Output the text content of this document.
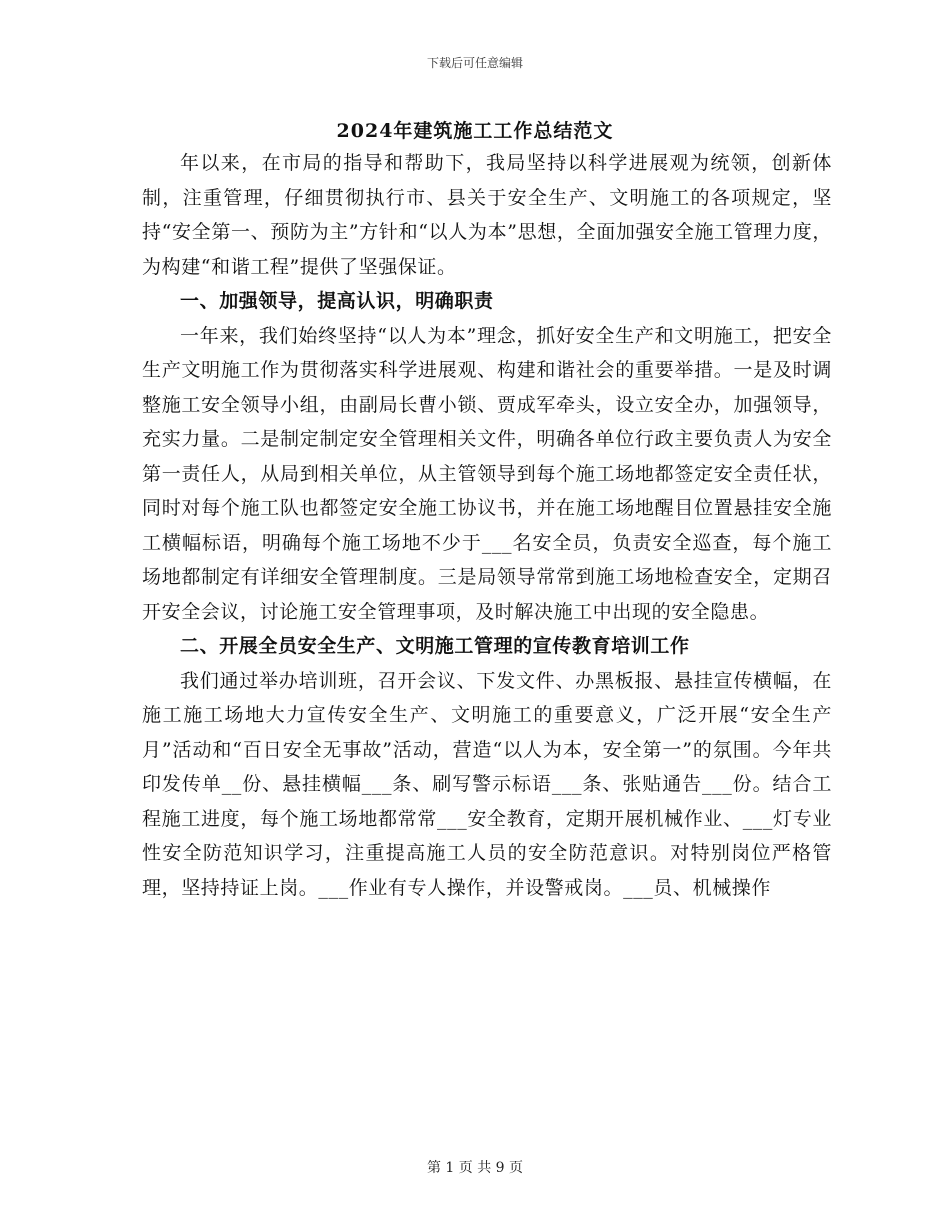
下载后可任意编辑
2024年建筑施工工作总结范文

年以来，在市局的指导和帮助下，我局坚持以科学进展观为统领，创新体制，注重管理，仔细贯彻执行市、县关于安全生产、文明施工的各项规定，坚持“安全第一、预防为主”方针和“以人为本”思想，全面加强安全施工管理力度，为构建“和谐工程”提供了坚强保证。

一、加强领导，提高认识，明确职责

一年来，我们始终坚持“以人为本”理念，抓好安全生产和文明施工，把安全生产文明施工作为贯彻落实科学进展观、构建和谐社会的重要举措。一是及时调整施工安全领导小组，由副局长曹小锁、贾成军牵头，设立安全办，加强领导，充实力量。二是制定制定安全管理相关文件，明确各单位行政主要负责人为安全第一责任人，从局到相关单位，从主管领导到每个施工场地都签定安全责任状，同时对每个施工队也都签定安全施工协议书，并在施工场地醒目位置悬挂安全施工横幅标语，明确每个施工场地不少于___名安全员，负责安全巡查，每个施工场地都制定有详细安全管理制度。三是局领导常常到施工场地检查安全，定期召开安全会议，讨论施工安全管理事项，及时解决施工中出现的安全隐患。

二、开展全员安全生产、文明施工管理的宣传教育培训工作

我们通过举办培训班，召开会议、下发文件、办黑板报、悬挂宣传横幅，在施工施工场地大力宣传安全生产、文明施工的重要意义，广泛开展“安全生产月”活动和“百日安全无事故”活动，营造“以人为本，安全第一”的氛围。今年共印发传单__份、悬挂横幅___条、刷写警示标语___条、张贴通告___份。结合工程施工进度，每个施工场地都常常___安全教育，定期开展机械作业、___灯专业性安全防范知识学习，注重提高施工人员的安全防范意识。对特别岗位严格管理，坚持持证上岗。___作业有专人操作，并设警戒岗。___员、机械操作

第 1 页 共 9 页
